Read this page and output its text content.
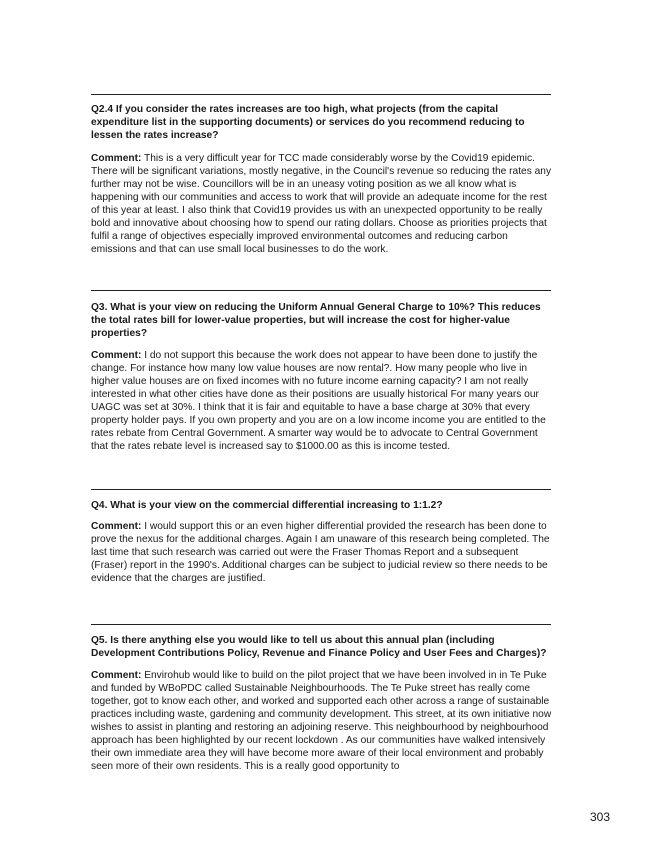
Q2.4 If you consider the rates increases are too high, what projects (from the capital expenditure list in the supporting documents) or services do you recommend reducing to lessen the rates increase?

Comment: This is a very difficult year for TCC made considerably worse by the Covid19 epidemic. There will be significant variations, mostly negative, in the Council's revenue so reducing the rates any further may not be wise. Councillors will be in an uneasy voting position as we all know what is happening with our communities and access to work that will provide an adequate income for the rest of this year at least. I also think that Covid19 provides us with an unexpected opportunity to be really bold and innovative about choosing how to spend our rating dollars. Choose as priorities projects that fulfil a range of objectives especially improved environmental outcomes and reducing carbon emissions and that can use small local businesses to do the work.

Q3. What is your view on reducing the Uniform Annual General Charge to 10%? This reduces the total rates bill for lower-value properties, but will increase the cost for higher-value properties?

Comment: I do not support this because the work does not appear to have been done to justify the change. For instance how many low value houses are now rental?. How many people who live in higher value houses are on fixed incomes with no future income earning capacity? I am not really interested in what other cities have done as their positions are usually historical For many years our UAGC was set at 30%. I think that it is fair and equitable to have a base charge at 30% that every property holder pays. If you own property and you are on a low income income you are entitled to the rates rebate from Central Government. A smarter way would be to advocate to Central Government that the rates rebate level is increased say to $1000.00 as this is income tested.

Q4. What is your view on the commercial differential increasing to 1:1.2?

Comment: I would support this or an even higher differential provided the research has been done to prove the nexus for the additional charges. Again I am unaware of this research being completed. The last time that such research was carried out were the Fraser Thomas Report and a subsequent (Fraser) report in the 1990's. Additional charges can be subject to judicial review so there needs to be evidence that the charges are justified.

Q5. Is there anything else you would like to tell us about this annual plan (including Development Contributions Policy, Revenue and Finance Policy and User Fees and Charges)?

Comment: Envirohub would like to build on the pilot project that we have been involved in in Te Puke and funded by WBoPDC called Sustainable Neighbourhoods. The Te Puke street has really come together, got to know each other, and worked and supported each other across a range of sustainable practices including waste, gardening and community development. This street, at its own initiative now wishes to assist in planting and restoring an adjoining reserve. This neighbourhood by neighbourhood approach has been highlighted by our recent lockdown . As our communities have walked intensively their own immediate area they will have become more aware of their local environment and probably seen more of their own residents. This is a really good opportunity to

303
